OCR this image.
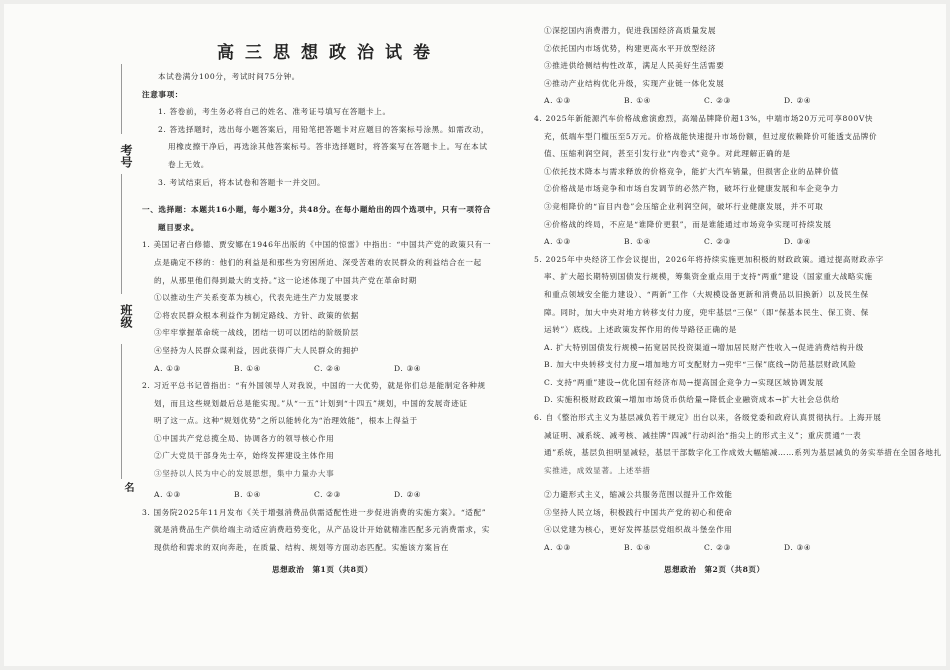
考号
班级
名
高三思想政治试卷

本试卷满分100分，考试时间75分钟。

注意事项：

1. 答卷前，考生务必将自己的姓名、准考证号填写在答题卡上。

2. 答选择题时，选出每小题答案后，用铅笔把答题卡对应题目的答案标号涂黑。如需改动，

用橡皮擦干净后，再选涂其他答案标号。答非选择题时，将答案写在答题卡上。写在本试

卷上无效。

3. 考试结束后，将本试卷和答题卡一并交回。

一、选择题：本题共16小题，每小题3分，共48分。在每小题给出的四个选项中，只有一项符合

题目要求。

1. 美国记者白修德、贾安娜在1946年出版的《中国的惊雷》中指出：“中国共产党的政策只有一

点是确定不移的：他们的利益是和那些为穷困所迫、深受苦难的农民群众的利益结合在一起

的，从那里他们得到最大的支持。”这一论述体现了中国共产党在革命时期

①以推动生产关系变革为核心，代表先进生产力发展要求

②将农民群众根本利益作为制定路线、方针、政策的依据

③牢牢掌握革命统一战线，团结一切可以团结的阶级阶层

④坚持为人民群众谋利益，因此获得广大人民群众的拥护

A. ①③	B. ①④	C. ②④	D. ③④

2. 习近平总书记曾指出：“有外国领导人对我说，中国的一大优势，就是你们总是能制定各种规

划，而且这些规划最后总是能实现。”从“一五”计划到“十四五”规划，中国的发展奇迹证

明了这一点。这种“规划优势”之所以能转化为“治理效能”，根本上得益于

①中国共产党总揽全局、协调各方的领导核心作用

②广大党员干部身先士卒，始终发挥建设主体作用

③坚持以人民为中心的发展思想，集中力量办大事

A. ①③	B. ①④	C. ②③	D. ②④

3. 国务院2025年11月发布《关于增强消费品供需适配性进一步促进消费的实施方案》。“适配”

就是消费品生产供给端主动适应消费趋势变化，从产品设计开始就精准匹配多元消费需求，实

现供给和需求的双向奔赴，在质量、结构、规划等方面动态匹配。实施该方案旨在

思想政治　第1页（共8页）

①深挖国内消费潜力，促进我国经济高质量发展

②依托国内市场优势，构建更高水平开放型经济

③推进供给侧结构性改革，满足人民美好生活需要

④推动产业结构优化升级，实现产业链一体化发展

A. ①③	B. ①④	C. ②③	D. ②④

4. 2025年新能源汽车价格战愈演愈烈，高端品牌降价超13%，中端市场20万元可享800V快

充，低端车型门槛压至5万元。价格战能快速提升市场份额，但过度依赖降价可能透支品牌价

值、压缩利润空间，甚至引发行业“内卷式”竞争。对此理解正确的是

①依托技术降本与需求释放的价格竞争，能扩大汽车销量，但损害企业的品牌价值

②价格战是市场竞争和市场自发调节的必然产物，破坏行业健康发展和车企竞争力

③竞相降价的“盲目内卷”会压缩企业利润空间，破坏行业健康发展，并不可取

④价格战的终局，不应是“谁降价更狠”，而是谁能通过市场竞争实现可持续发展

A. ①③	B. ①④	C. ②③	D. ③④

5. 2025年中央经济工作会议提出，2026年将持续实施更加积极的财政政策。通过提高财政赤字

率、扩大超长期特别国债发行规模，筹集资金重点用于支持“两重”建设（国家重大战略实施

和重点领域安全能力建设）、“两新”工作（大规模设备更新和消费品以旧换新）以及民生保

障。同时，加大中央对地方转移支付力度，兜牢基层“三保”（即“保基本民生、保工资、保

运转”）底线。上述政策发挥作用的传导路径正确的是

A. 扩大特别国债发行规模→拓宽居民投资渠道→增加居民财产性收入→促进消费结构升级

B. 加大中央转移支付力度→增加地方可支配财力→兜牢“三保”底线→防范基层财政风险

C. 支持“两重”建设→优化国有经济布局→提高国企竞争力→实现区域协调发展

D. 实施积极财政政策→增加市场货币供给量→降低企业融资成本→扩大社会总供给

6. 自《整治形式主义为基层减负若干规定》出台以来，各级党委和政府认真贯彻执行。上海开展

减证明、减系统、减考核、减挂牌“四减”行动纠治“指尖上的形式主义”；重庆贯通“一表

通”系统，基层负担明显减轻，基层干部数字化工作成效大幅缩减……系列为基层减负的务实举措在全国各地扎

实推进，成效显著。上述举措

②力避形式主义，缩减公共服务范围以提升工作效能

③坚持人民立场，积极践行中国共产党的初心和使命

④以党建为核心，更好发挥基层党组织战斗堡垒作用

A. ①③	B. ①④	C. ②③	D. ③④
思想政治　第2页（共8页）
